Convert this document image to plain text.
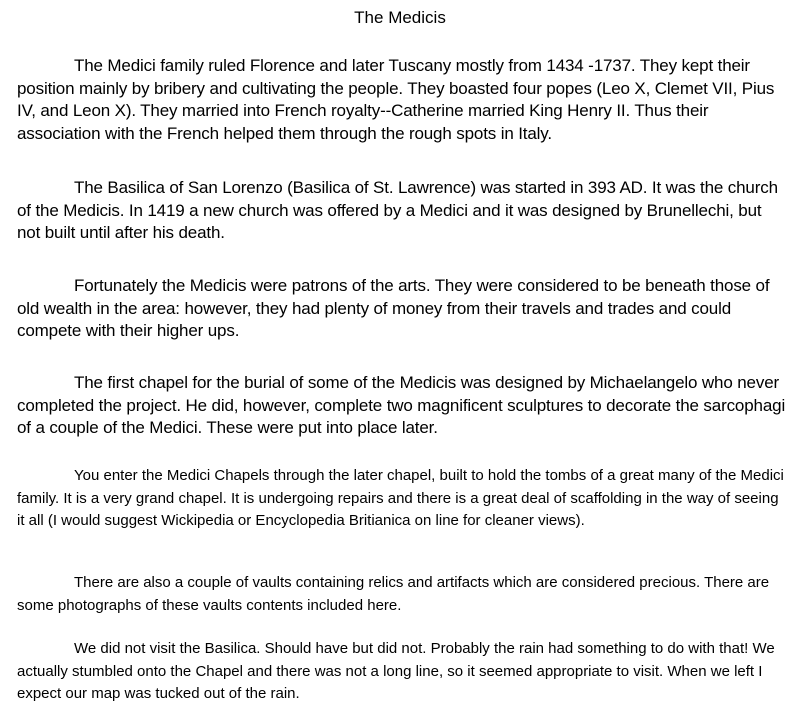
The Medicis

The Medici family ruled Florence and later Tuscany mostly from 1434 -1737. They kept their position mainly by bribery and cultivating the people. They boasted four popes (Leo X, Clemet VII, Pius IV, and Leon X). They married into French royalty--Catherine married King Henry II. Thus their association with the French helped them through the rough spots in Italy.

The Basilica of San Lorenzo (Basilica of St. Lawrence) was started in 393 AD. It was the church of the Medicis. In 1419 a new church was offered by a Medici and it was designed by Brunellechi, but not built until after his death.

Fortunately the Medicis were patrons of the arts. They were considered to be beneath those of old wealth in the area: however, they had plenty of money from their travels and trades and could compete with their higher ups.

The first chapel for the burial of some of the Medicis was designed by Michaelangelo who never completed the project. He did, however, complete two magnificent sculptures to decorate the sarcophagi of a couple of the Medici. These were put into place later.

You enter the Medici Chapels through the later chapel, built to hold the tombs of a great many of the Medici family. It is a very grand chapel. It is undergoing repairs and there is a great deal of scaffolding in the way of seeing it all (I would suggest Wickipedia or Encyclopedia Britianica on line for cleaner views).

There are also a couple of vaults containing relics and artifacts which are considered precious. There are some photographs of these vaults contents included here.

We did not visit the Basilica. Should have but did not. Probably the rain had something to do with that! We actually stumbled onto the Chapel and there was not a long line, so it seemed appropriate to visit. When we left I expect our map was tucked out of the rain.
